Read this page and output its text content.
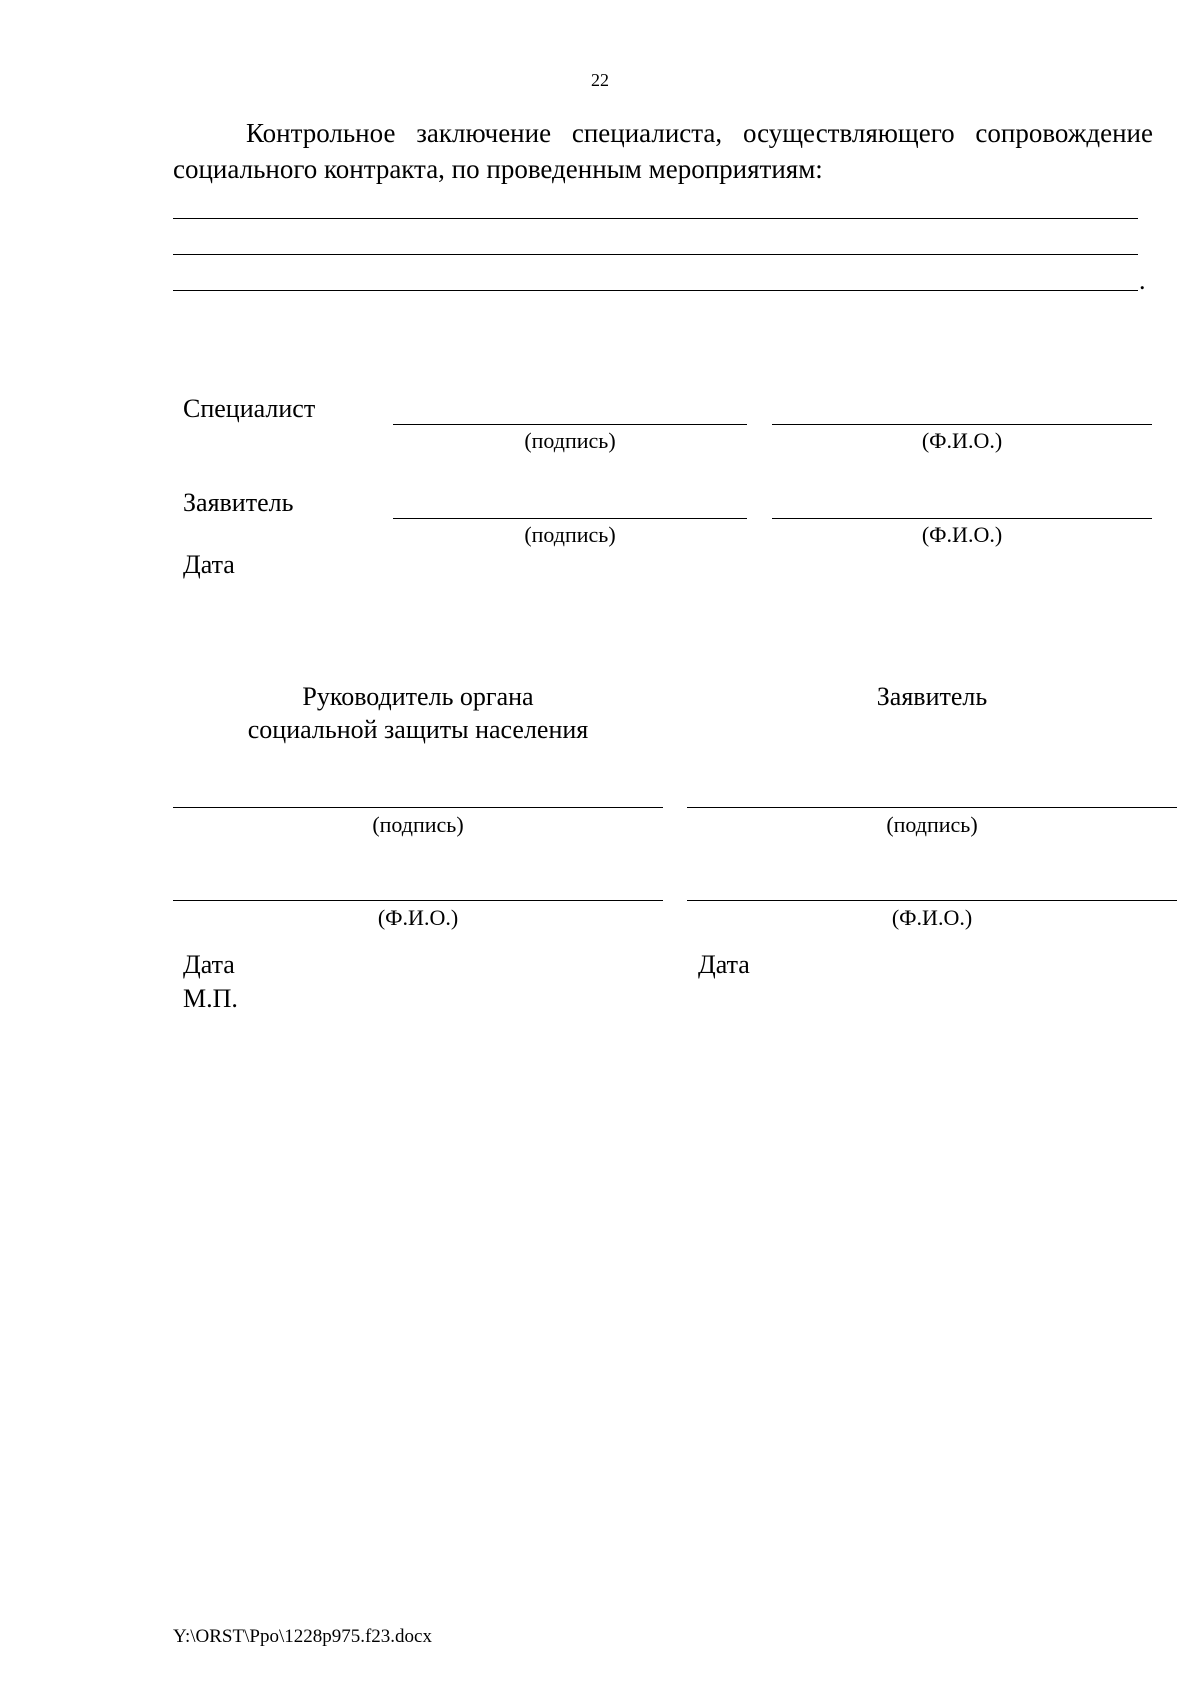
22
Контрольное заключение специалиста, осуществляющего сопровождение социального контракта, по проведенным мероприятиям:
.
Специалист
(подпись)	(Ф.И.О.)
Заявитель
(подпись)	(Ф.И.О.)
Дата
Руководитель органа
социальной защиты населения
(подпись)
(Ф.И.О.)
Дата
М.П.
Заявитель
(подпись)
(Ф.И.О.)
Дата
Y:\ORST\Ppo\1228p975.f23.docx
